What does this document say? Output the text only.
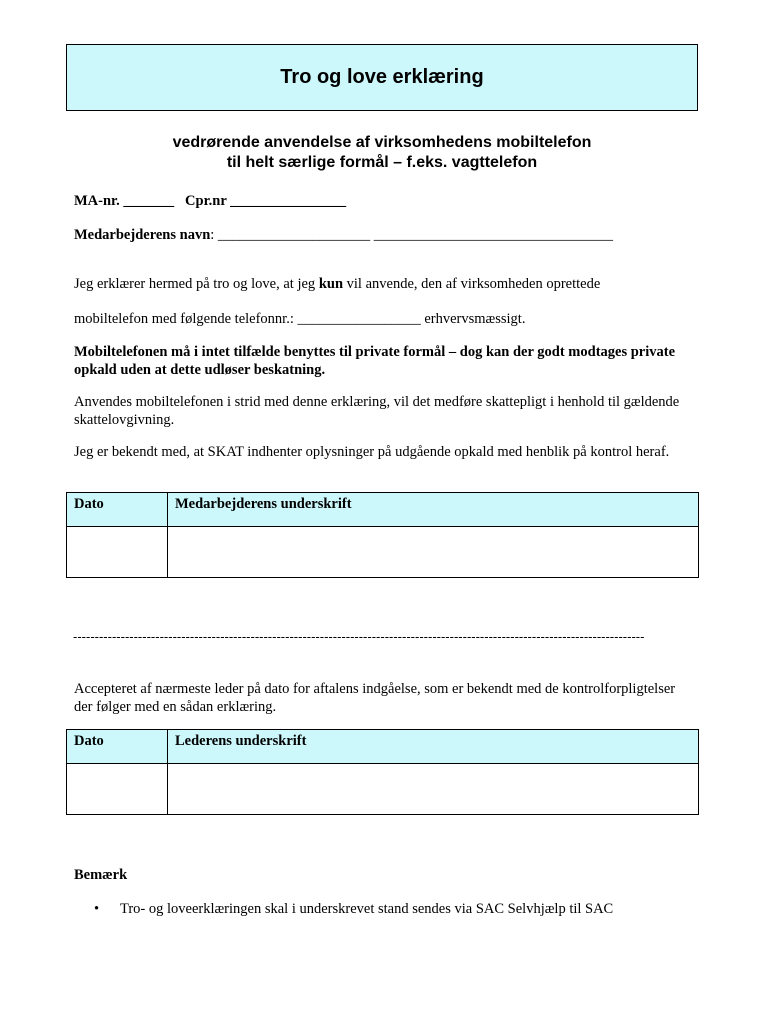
Tro og love erklæring
vedrørende anvendelse af virksomhedens mobiltelefon
til helt særlige formål – f.eks. vagttelefon
MA-nr. _______ Cpr.nr ________________
Medarbejderens navn: _____________________ _________________________________
Jeg erklærer hermed på tro og love, at jeg kun vil anvende, den af virksomheden oprettede
mobiltelefon med følgende telefonnr.: _________________ erhvervsmæssigt.
Mobiltelefonen må i intet tilfælde benyttes til private formål – dog kan der godt modtages private opkald uden at dette udløser beskatning.
Anvendes mobiltelefonen i strid med denne erklæring, vil det medføre skattepligt i henhold til gældende skattelovgivning.
Jeg er bekendt med, at SKAT indhenter oplysninger på udgående opkald med henblik på kontrol heraf.
Dato	Medarbejderens underskrift

------------------------------------------------------------------------------------------------------------------------------------
Accepteret af nærmeste leder på dato for aftalens indgåelse, som er bekendt med de kontrolforpligtelser der følger med en sådan erklæring.
Dato	Lederens underskrift

Bemærk
• Tro- og loveerklæringen skal i underskrevet stand sendes via SAC Selvhjælp til SAC
